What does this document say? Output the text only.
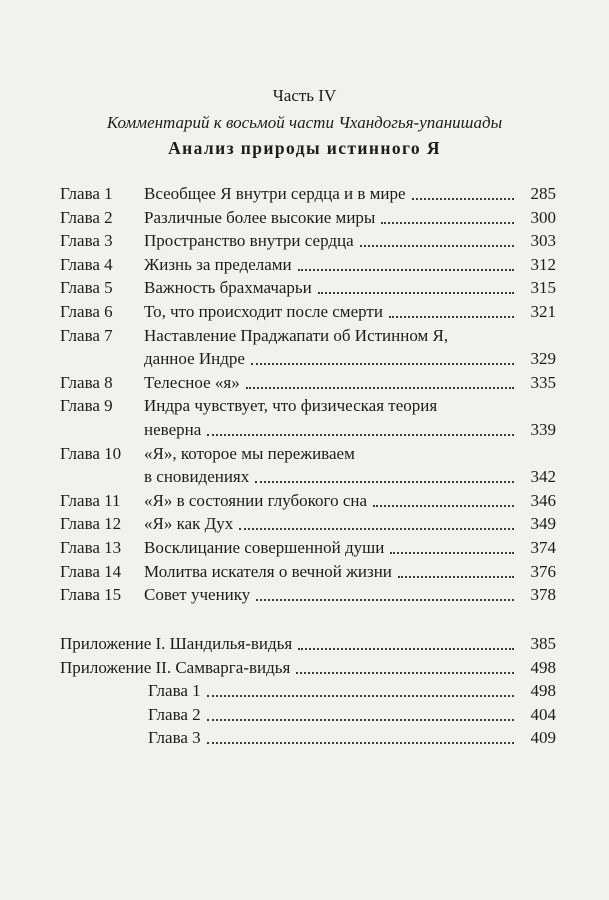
Часть IV
Комментарий к восьмой части Чхандогья-упанишады
Анализ природы истинного Я
Глава 1 Всеобщее Я внутри сердца и в мире	285
Глава 2 Различные более высокие миры	300
Глава 3 Пространство внутри сердца	303
Глава 4 Жизнь за пределами	312
Глава 5 Важность брахмачарьи	315
Глава 6 То, что происходит после смерти	321
Глава 7 Наставление Праджапати об Истинном Я,
данное Индре	329
Глава 8 Телесное «я»	335
Глава 9 Индра чувствует, что физическая теория
неверна	339
Глава 10 «Я», которое мы переживаем
в сновидениях	342
Глава 11 «Я» в состоянии глубокого сна	346
Глава 12 «Я» как Дух	349
Глава 13 Восклицание совершенной души	374
Глава 14 Молитва искателя о вечной жизни	376
Глава 15 Совет ученику	378
Приложение I. Шандилья-видья	385
Приложение II. Самварга-видья	498
Глава 1	498
Глава 2	404
Глава 3	409
